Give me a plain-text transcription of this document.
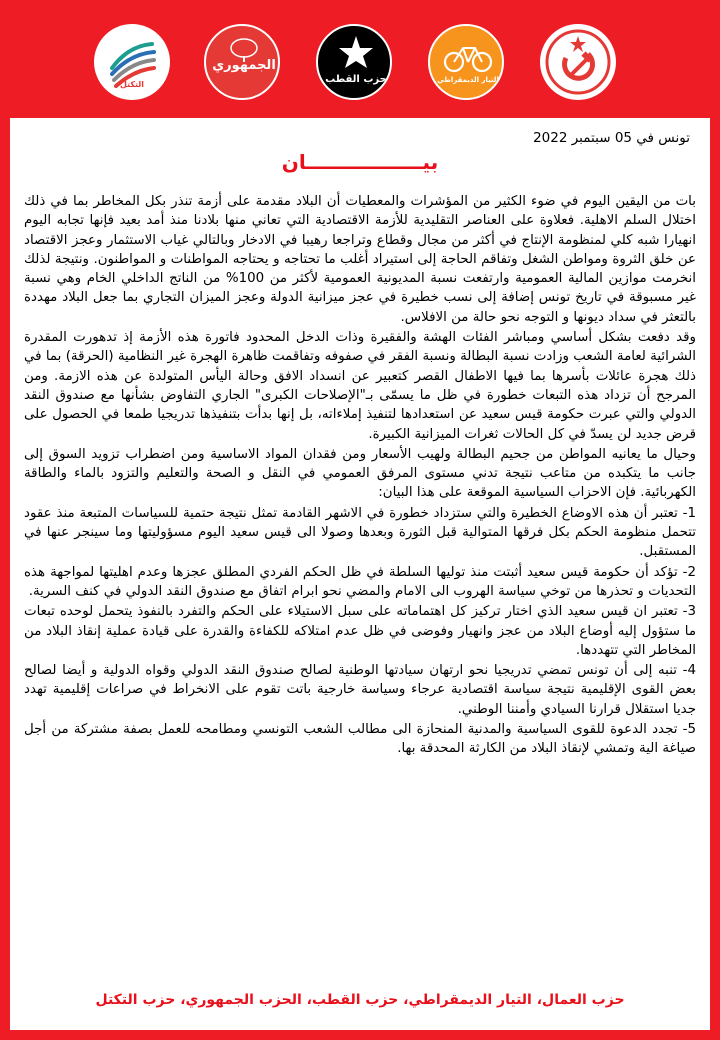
التكتل
الجمهوري
حزب القطب	التيار الديمقراطي
تونس في 05 سبتمبر 2022
بيـــــــــــــــــان

بات من اليقين اليوم في ضوء الكثير من المؤشرات والمعطيات أن البلاد مقدمة على أزمة تنذر بكل المخاطر بما في ذلك اختلال السلم الاهلية. فعلاوة على العناصر التقليدية للأزمة الاقتصادية التي تعاني منها بلادنا منذ أمد بعيد فإنها تجابه اليوم انهيارا شبه كلي لمنظومة الإنتاج في أكثر من مجال وقطاع وتراجعا رهيبا في الادخار وبالتالي غياب الاستثمار وعجز الاقتصاد عن خلق الثروة ومواطن الشغل وتفاقم الحاجة إلى استيراد أغلب ما تحتاجه و يحتاجه المواطنات و المواطنون. ونتيجة لذلك انخرمت موازين المالية العمومية وارتفعت نسبة المديونية العمومية لأكثر من 100% من الناتج الداخلي الخام وهي نسبة غير مسبوقة في تاريخ تونس إضافة إلى نسب خطيرة في عجز ميزانية الدولة وعجز الميزان التجاري بما جعل البلاد مهددة بالتعثر في سداد ديونها و التوجه نحو حالة من الافلاس.

وقد دفعت بشكل أساسي ومباشر الفئات الهشة والفقيرة وذات الدخل المحدود فاتورة هذه الأزمة إذ تدهورت المقدرة الشرائية لعامة الشعب وزادت نسبة البطالة ونسبة الفقر في صفوفه وتفاقمت ظاهرة الهجرة غير النظامية (الحرقة) بما في ذلك هجرة عائلات بأسرها بما فيها الاطفال القصر كتعبير عن انسداد الافق وحالة اليأس المتولدة عن هذه الازمة. ومن المرجح أن تزداد هذه التبعات خطورة في ظل ما يسمّى بـ"الإصلاحات الكبرى" الجاري التفاوض بشأنها مع صندوق النقد الدولي والتي عبرت حكومة قيس سعيد عن استعدادها لتنفيذ إملاءاته، بل إنها بدأت بتنفيذها تدريجيا طمعا في الحصول على قرض جديد لن يسدّ في كل الحالات ثغرات الميزانية الكبيرة.

وحيال ما يعانيه المواطن من جحيم البطالة ولهيب الأسعار ومن فقدان المواد الاساسية ومن اضطراب تزويد السوق إلى جانب ما يتكبده من متاعب نتيجة تدني مستوى المرفق العمومي في النقل و الصحة والتعليم والتزود بالماء والطاقة الكهربائية. فإن الاحزاب السياسية الموقعة على هذا البيان:

1- تعتبر أن هذه الاوضاع الخطيرة والتي ستزداد خطورة في الاشهر القادمة تمثل نتيجة حتمية للسياسات المتبعة منذ عقود تتحمل منظومة الحكم بكل فرقها المتوالية قبل الثورة وبعدها وصولا الى قيس سعيد اليوم مسؤوليتها وما سينجر عنها في المستقبل.

2- تؤكد أن حكومة قيس سعيد أثبتت منذ توليها السلطة في ظل الحكم الفردي المطلق عجزها وعدم اهليتها لمواجهة هذه التحديات و تحذرها من توخي سياسة الهروب الى الامام والمضي نحو ابرام اتفاق مع صندوق النقد الدولي في كنف السرية.

3- تعتبر ان قيس سعيد الذي اختار تركيز كل اهتماماته على سبل الاستيلاء على الحكم والتفرد بالنفوذ يتحمل لوحده تبعات ما ستؤول إليه أوضاع البلاد من عجز وانهيار وفوضى في ظل عدم امتلاكه للكفاءة والقدرة على قيادة عملية إنقاذ البلاد من المخاطر التي تتهددها.

4- تنبه إلى أن تونس تمضي تدريجيا نحو ارتهان سيادتها الوطنية لصالح صندوق النقد الدولي وقواه الدولية و أيضا لصالح بعض القوى الإقليمية نتيجة سياسة اقتصادية عرجاء وسياسة خارجية باتت تقوم على الانخراط في صراعات إقليمية تهدد جديا استقلال قرارنا السيادي وأمننا الوطني.

5- تجدد الدعوة للقوى السياسية والمدنية المنحازة الى مطالب الشعب التونسي ومطامحه للعمل بصفة مشتركة من أجل صياغة الية وتمشي لإنقاذ البلاد من الكارثة المحدقة بها.

حزب العمال، التيار الديمقراطي، حزب القطب، الحزب الجمهوري، حزب التكتل
